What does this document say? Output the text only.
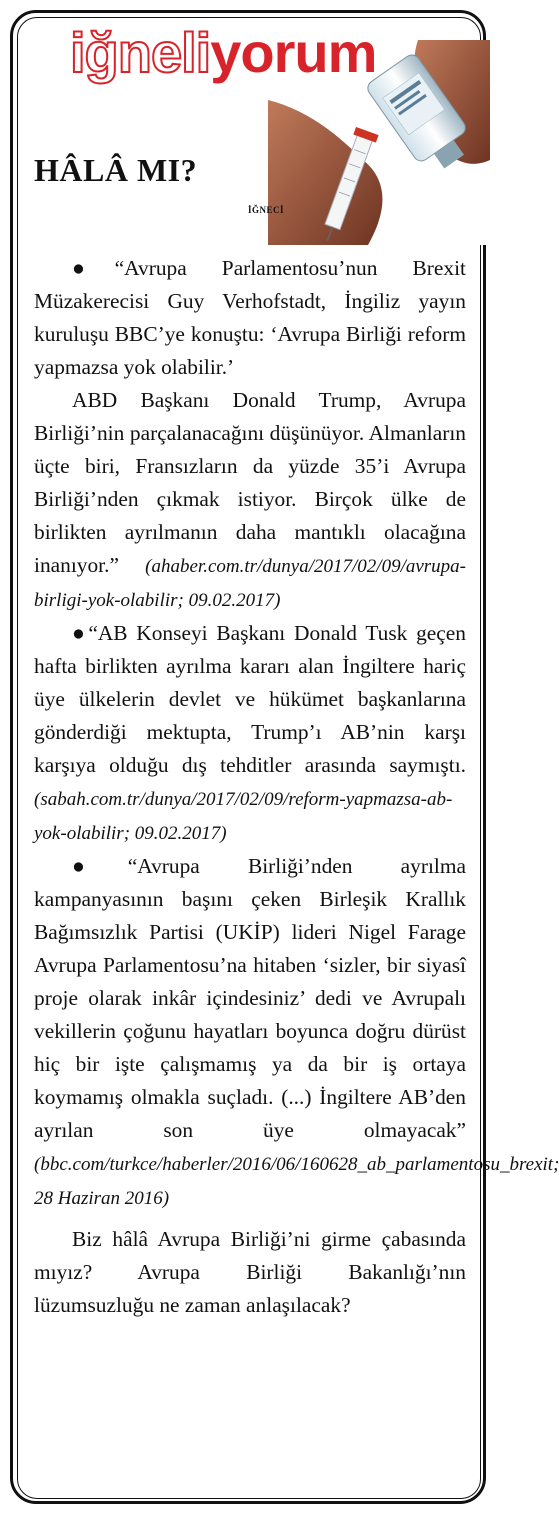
iğneliyorum
HÂLÂ MI?
İĞNECİ

●“Avrupa Parlamentosu’nun Brexit Müzakerecisi Guy Verhofstadt, İngiliz yayın kuruluşu BBC’ye konuştu: ‘Avrupa Birliği reform yapmazsa yok olabilir.’

ABD Başkanı Donald Trump, Avrupa Birliği’nin parçalanacağını düşünüyor. Almanların üçte biri, Fransızların da yüzde 35’i Avrupa Birliği’nden çıkmak istiyor. Birçok ülke de birlikten ayrılmanın daha mantıklı olacağına inanıyor.” (ahaber.com.tr/dunya/2017/02/09/avrupa-birligi-yok-olabilir; 09.02.2017)

●“AB Konseyi Başkanı Donald Tusk geçen hafta birlikten ayrılma kararı alan İngiltere hariç üye ülkelerin devlet ve hükümet başkanlarına gönderdiği mektupta, Trump’ı AB’nin karşı karşıya olduğu dış tehditler arasında saymıştı. (sabah.com.tr/dunya/2017/02/09/reform-yapmazsa-ab-yok-olabilir; 09.02.2017)

●“Avrupa Birliği’nden ayrılma kampanyasının başını çeken Birleşik Krallık Bağımsızlık Partisi (UKİP) lideri Nigel Farage Avrupa Parlamentosu’na hitaben ‘sizler, bir siyasî proje olarak inkâr içindesiniz’ dedi ve Avrupalı vekillerin çoğunu hayatları boyunca doğru dürüst hiç bir işte çalışmamış ya da bir iş ortaya koymamış olmakla suçladı. (...) İngiltere AB’den ayrılan son üye olmayacak” (bbc.com/turkce/haberler/2016/06/160628_ab_parlamentosu_brexit; 28 Haziran 2016)

Biz hâlâ Avrupa Birliği’ni girme çabasında mıyız? Avrupa Birliği Bakanlığı’nın lüzumsuzluğu ne zaman anlaşılacak?
